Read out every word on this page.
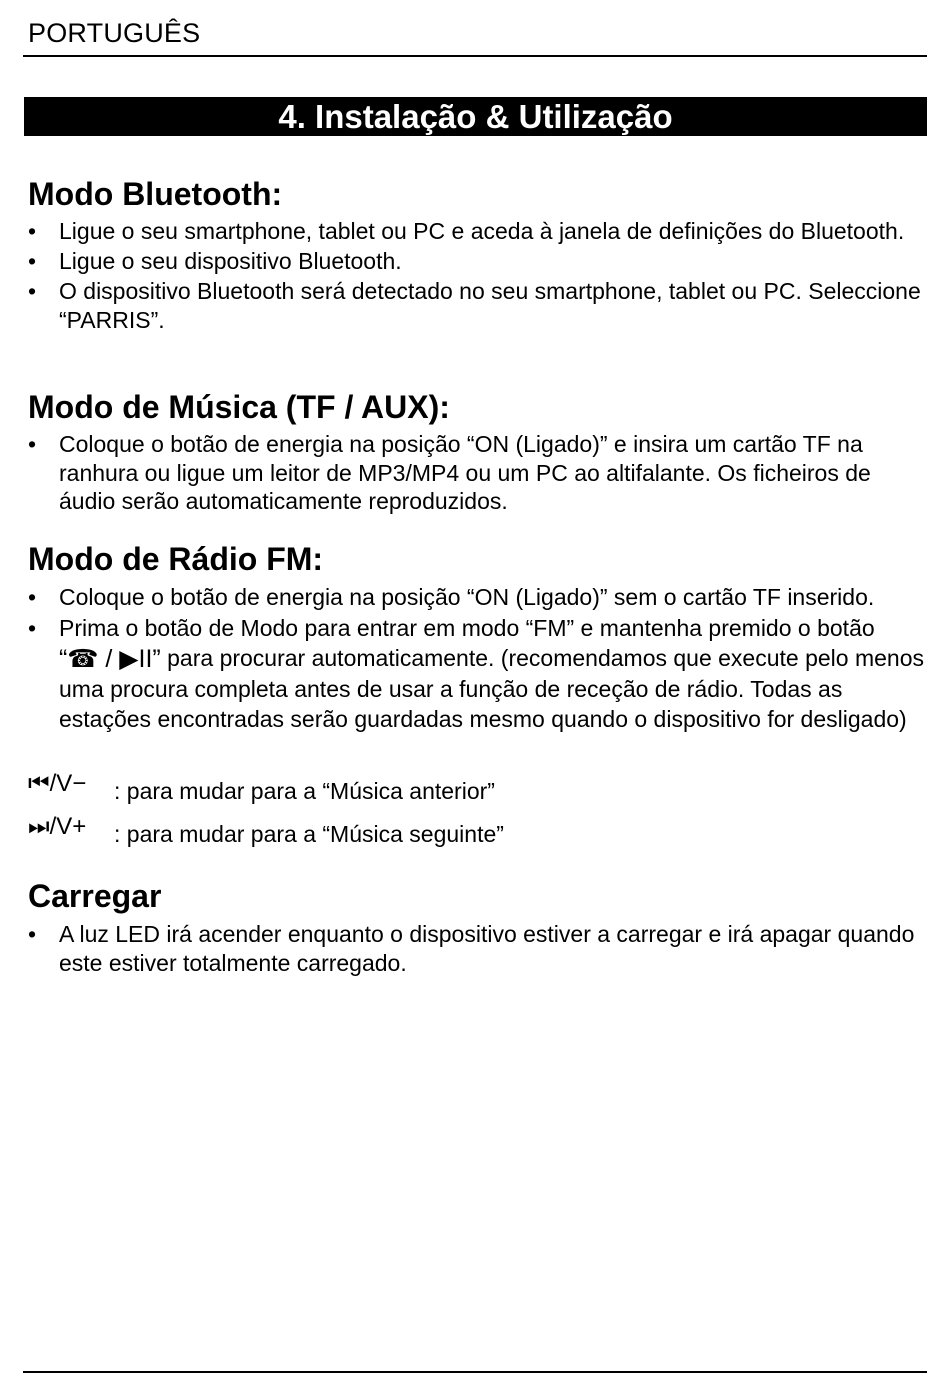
PORTUGUÊS
4. Instalação & Utilização
Modo Bluetooth:
• Ligue o seu smartphone, tablet ou PC e aceda à janela de definições do Bluetooth.
• Ligue o seu dispositivo Bluetooth.
• O dispositivo Bluetooth será detectado no seu smartphone, tablet ou PC. Seleccione “PARRIS”.
Modo de Música (TF / AUX):
• Coloque o botão de energia na posição “ON (Ligado)” e insira um cartão TF na ranhura ou ligue um leitor de MP3/MP4 ou um PC ao altifalante. Os ficheiros de áudio serão automaticamente reproduzidos.
Modo de Rádio FM:
• Coloque o botão de energia na posição “ON (Ligado)” sem o cartão TF inserido.
• Prima o botão de Modo para entrar em modo “FM” e mantenha premido o botão “☎ / ▶II” para procurar automaticamente. (recomendamos que execute pelo menos uma procura completa antes de usar a função de receção de rádio. Todas as estações encontradas serão guardadas mesmo quando o dispositivo for desligado)
⏮/V− : para mudar para a “Música anterior”
⏭/V+ : para mudar para a “Música seguinte”
Carregar
• A luz LED irá acender enquanto o dispositivo estiver a carregar e irá apagar quando este estiver totalmente carregado.
